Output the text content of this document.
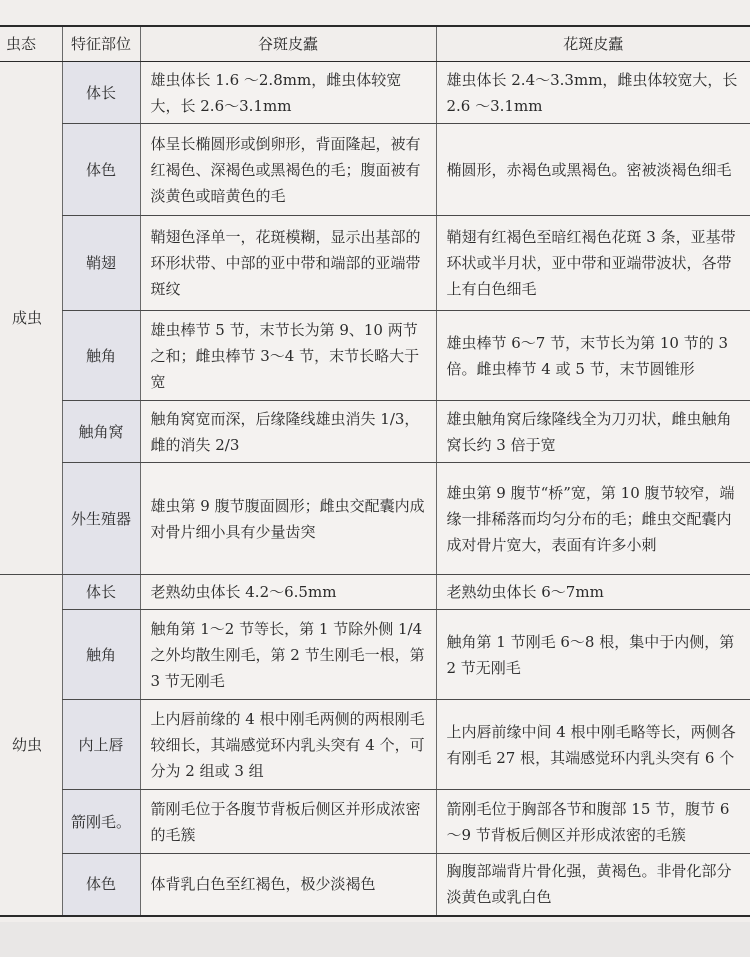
虫态	特征部位	谷斑皮蠹	花斑皮蠹
成虫	体长	雄虫体长 1.6 ～2.8mm，雌虫体较宽大，长 2.6～3.1mm	雄虫体长 2.4～3.3mm，雌虫体较宽大，长 2.6 ～3.1mm
	体色	体呈长椭圆形或倒卵形，背面隆起，被有红褐色、深褐色或黑褐色的毛；腹面被有淡黄色或暗黄色的毛	椭圆形，赤褐色或黑褐色。密被淡褐色细毛
	鞘翅	鞘翅色泽单一，花斑模糊，显示出基部的环形状带、中部的亚中带和端部的亚端带斑纹	鞘翅有红褐色至暗红褐色花斑 3 条，亚基带环状或半月状，亚中带和亚端带波状，各带上有白色细毛
	触角	雄虫棒节 5 节，末节长为第 9、10 两节之和；雌虫棒节 3～4 节，末节长略大于宽	雄虫棒节 6～7 节，末节长为第 10 节的 3 倍。雌虫棒节 4 或 5 节，末节圆锥形
	触角窝	触角窝宽而深，后缘隆线雄虫消失 1/3，雌的消失 2/3	雄虫触角窝后缘隆线全为刀刃状，雌虫触角窝长约 3 倍于宽
	外生殖器	雄虫第 9 腹节腹面圆形；雌虫交配囊内成对骨片细小具有少量齿突	雄虫第 9 腹节“桥”宽，第 10 腹节较窄，端缘一排稀落而均匀分布的毛；雌虫交配囊内成对骨片宽大，表面有许多小刺
幼虫	体长	老熟幼虫体长 4.2～6.5mm	老熟幼虫体长 6～7mm
	触角	触角第 1～2 节等长，第 1 节除外侧 1/4 之外均散生刚毛，第 2 节生刚毛一根，第 3 节无刚毛	触角第 1 节刚毛 6～8 根，集中于内侧，第 2 节无刚毛
	内上唇	上内唇前缘的 4 根中刚毛两侧的两根刚毛较细长，其端感觉环内乳头突有 4 个，可分为 2 组或 3 组	上内唇前缘中间 4 根中刚毛略等长，两侧各有刚毛 27 根，其端感觉环内乳头突有 6 个
	箭刚毛。	箭刚毛位于各腹节背板后侧区并形成浓密的毛簇	箭刚毛位于胸部各节和腹部 15 节，腹节 6～9 节背板后侧区并形成浓密的毛簇
	体色	体背乳白色至红褐色，极少淡褐色	胸腹部端背片骨化强，黄褐色。非骨化部分淡黄色或乳白色
